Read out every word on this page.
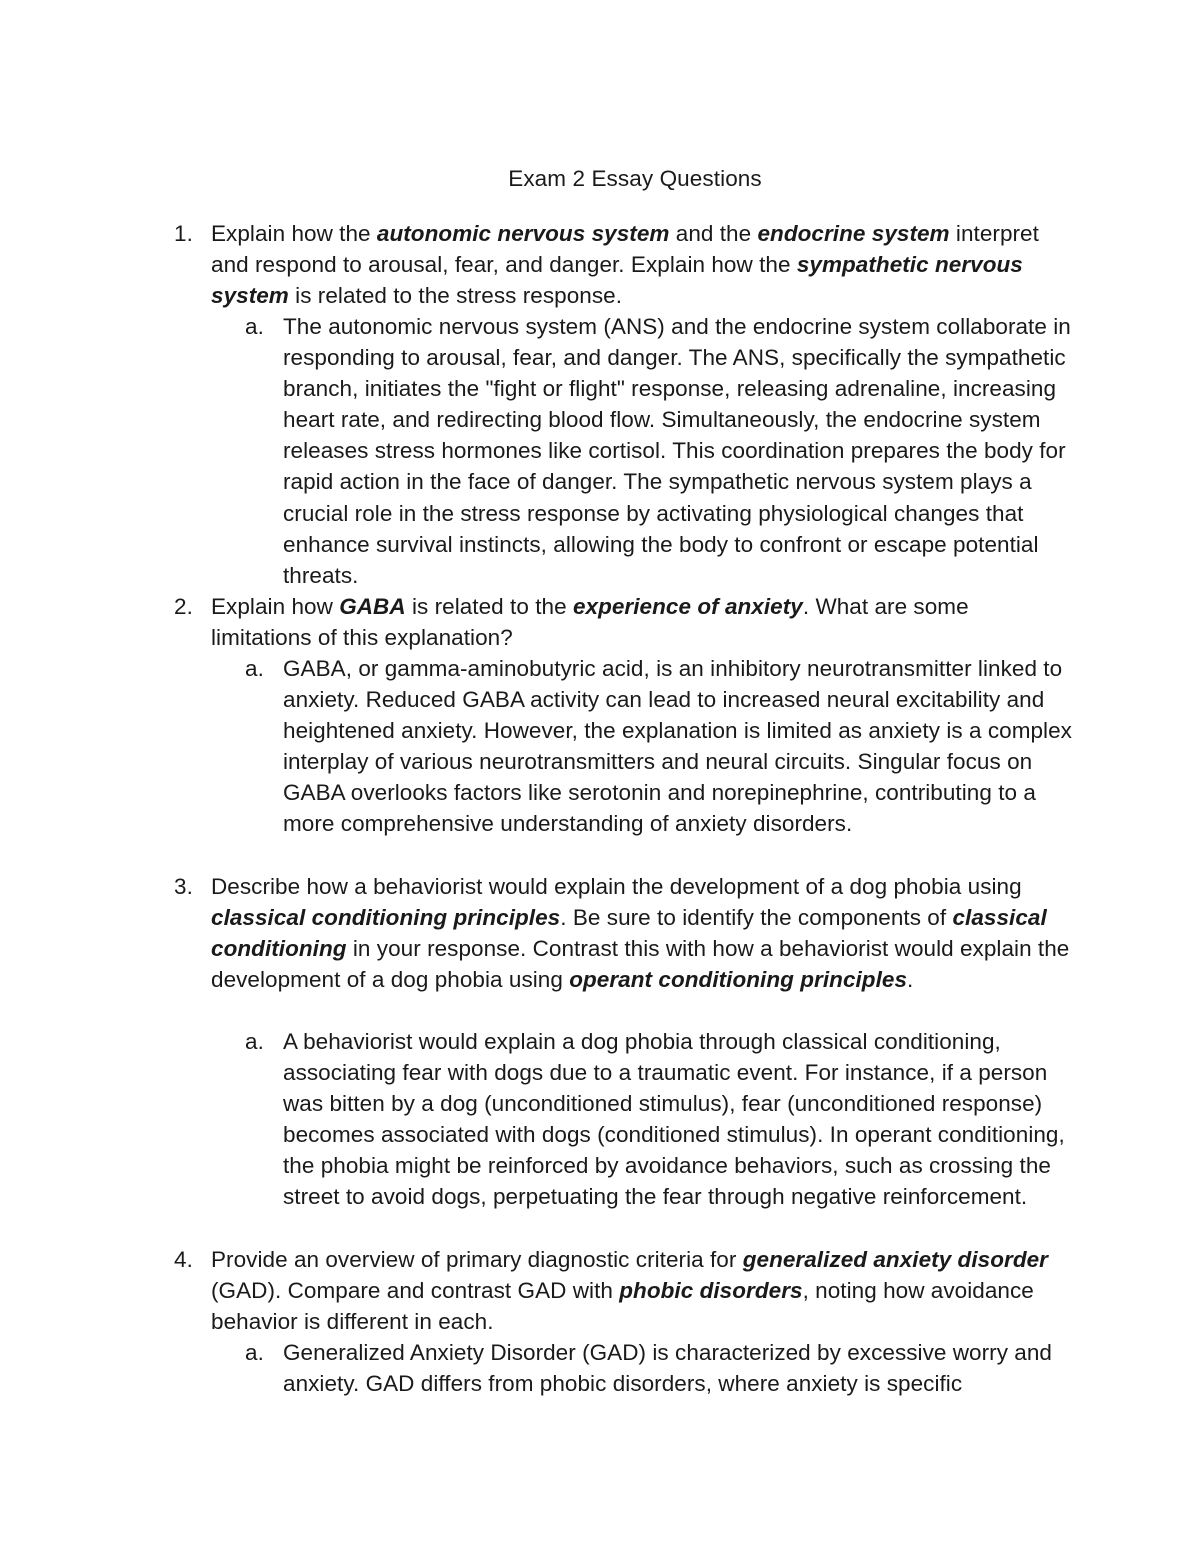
Exam 2 Essay Questions
1. Explain how the autonomic nervous system and the endocrine system interpret and respond to arousal, fear, and danger. Explain how the sympathetic nervous system is related to the stress response.
a. The autonomic nervous system (ANS) and the endocrine system collaborate in responding to arousal, fear, and danger. The ANS, specifically the sympathetic branch, initiates the "fight or flight" response, releasing adrenaline, increasing heart rate, and redirecting blood flow. Simultaneously, the endocrine system releases stress hormones like cortisol. This coordination prepares the body for rapid action in the face of danger. The sympathetic nervous system plays a crucial role in the stress response by activating physiological changes that enhance survival instincts, allowing the body to confront or escape potential threats.
2. Explain how GABA is related to the experience of anxiety. What are some limitations of this explanation?
a. GABA, or gamma-aminobutyric acid, is an inhibitory neurotransmitter linked to anxiety. Reduced GABA activity can lead to increased neural excitability and heightened anxiety. However, the explanation is limited as anxiety is a complex interplay of various neurotransmitters and neural circuits. Singular focus on GABA overlooks factors like serotonin and norepinephrine, contributing to a more comprehensive understanding of anxiety disorders.
3. Describe how a behaviorist would explain the development of a dog phobia using classical conditioning principles. Be sure to identify the components of classical conditioning in your response. Contrast this with how a behaviorist would explain the development of a dog phobia using operant conditioning principles.
a. A behaviorist would explain a dog phobia through classical conditioning, associating fear with dogs due to a traumatic event. For instance, if a person was bitten by a dog (unconditioned stimulus), fear (unconditioned response) becomes associated with dogs (conditioned stimulus). In operant conditioning, the phobia might be reinforced by avoidance behaviors, such as crossing the street to avoid dogs, perpetuating the fear through negative reinforcement.
4. Provide an overview of primary diagnostic criteria for generalized anxiety disorder (GAD). Compare and contrast GAD with phobic disorders, noting how avoidance behavior is different in each.
a. Generalized Anxiety Disorder (GAD) is characterized by excessive worry and anxiety. GAD differs from phobic disorders, where anxiety is specific
